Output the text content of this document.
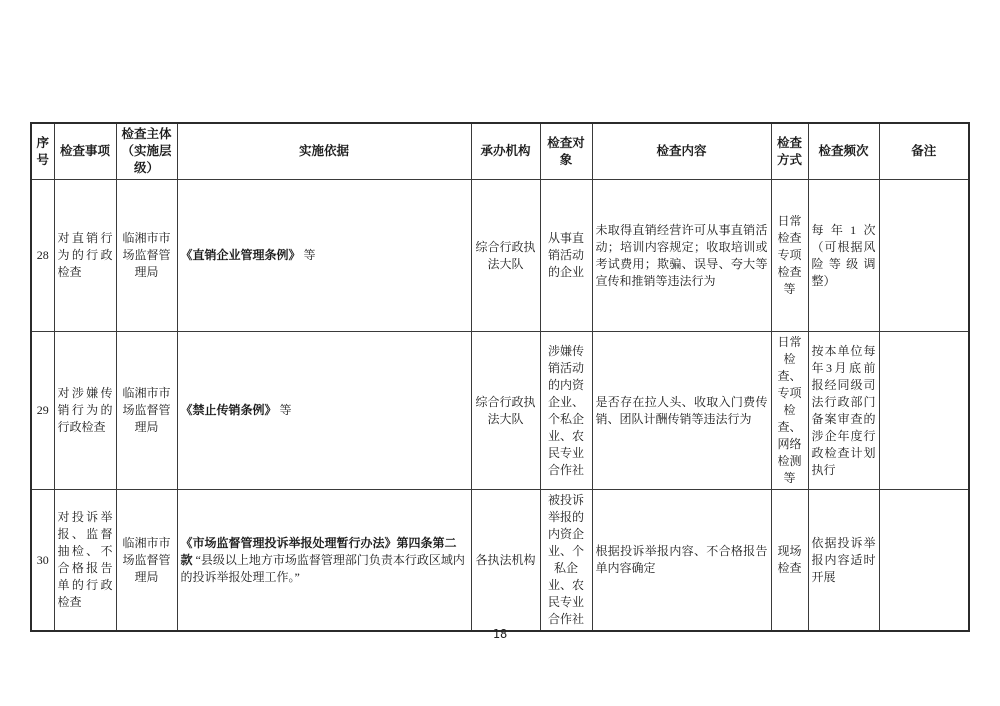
序号	检查事项	检查主体（实施层级）	实施依据	承办机构	检查对象	检查内容	检查方式	检查频次	备注
28	对直销行为的行政检查	临湘市市场监督管理局	《直销企业管理条例》 等	综合行政执法大队	从事直销活动的企业	未取得直销经营许可从事直销活动；培训内容规定；收取培训或考试费用；欺骗、误导、夸大等宣传和推销等违法行为	日常检查专项检查等	每年1次（可根据风险等级调整）	
29	对涉嫌传销行为的行政检查	临湘市市场监督管理局	《禁止传销条例》 等	综合行政执法大队	涉嫌传销活动的内资企业、个私企业、农民专业合作社	是否存在拉人头、收取入门费传销、团队计酬传销等违法行为	日常检查、专项检查、网络检测等	按本单位每年3月底前报经同级司法行政部门备案审查的涉企年度行政检查计划执行	
30	对投诉举报、监督抽检、不合格报告单的行政检查	临湘市市场监督管理局	《市场监督管理投诉举报处理暂行办法》第四条第二款 “县级以上地方市场监督管理部门负责本行政区域内的投诉举报处理工作。”	各执法机构	被投诉举报的内资企业、个私企业、农民专业合作社	根据投诉举报内容、不合格报告单内容确定	现场检查	依据投诉举报内容适时开展	
18
